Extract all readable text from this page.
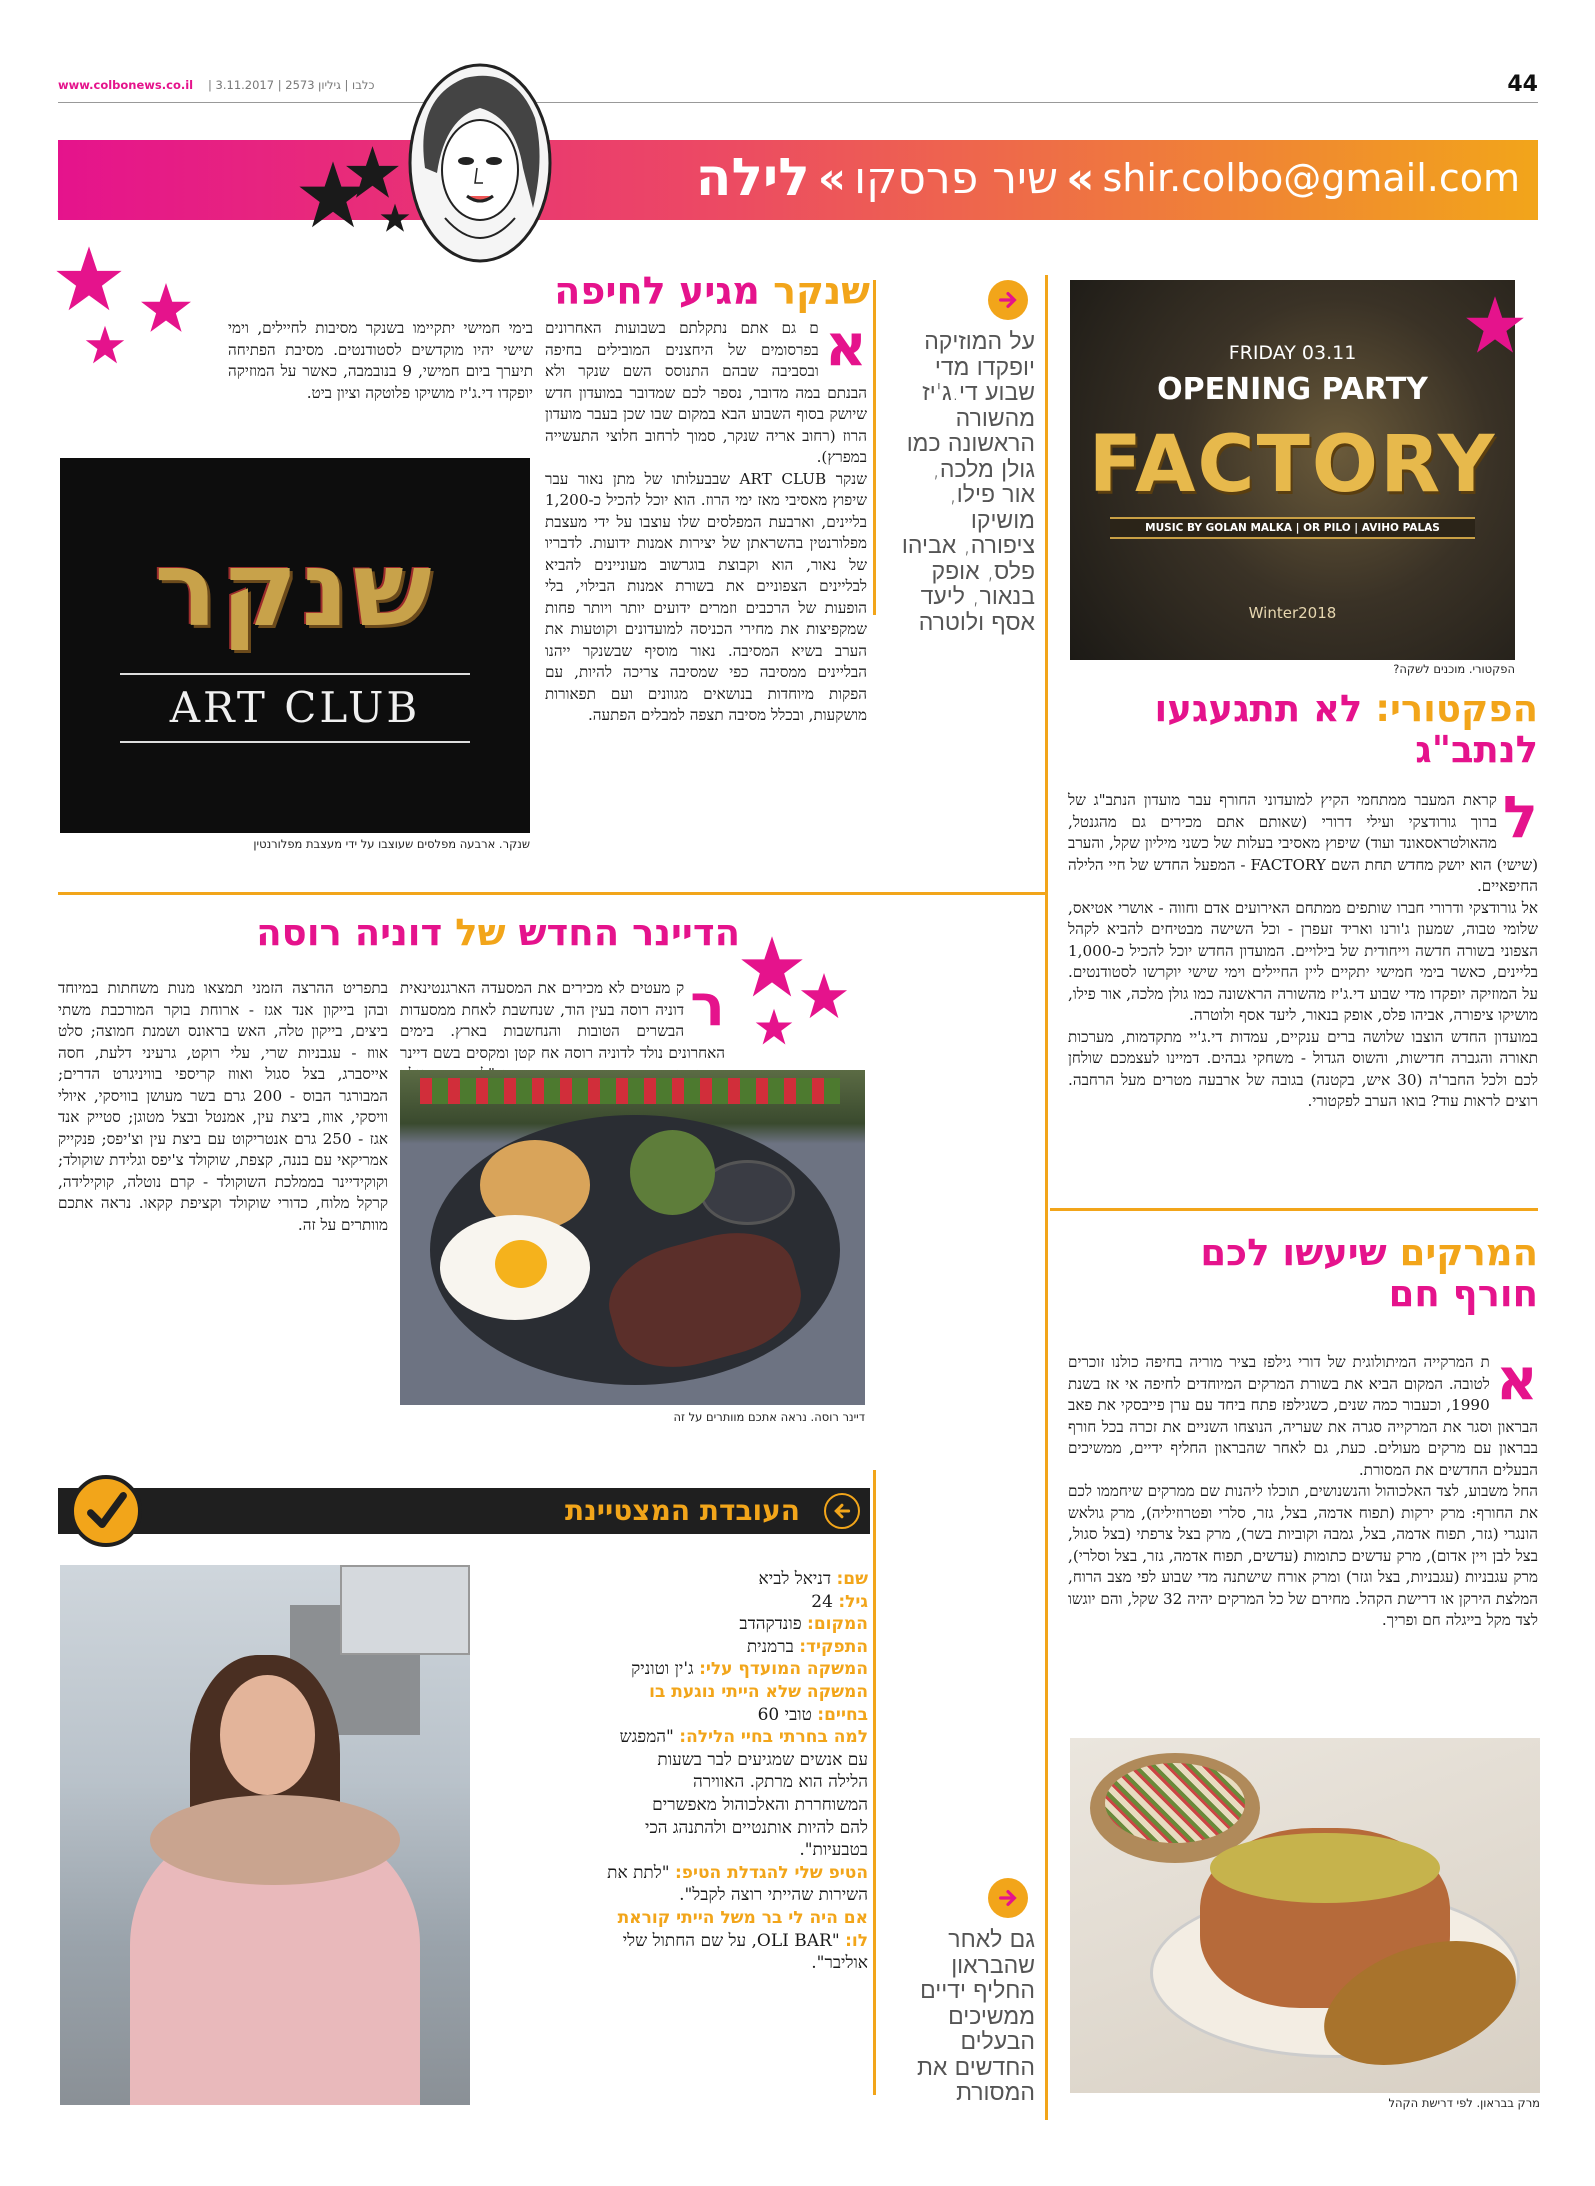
www.colbonews.co.il | כלבו | גיליון 2573 | 3.11.2017	44
לילה » שיר פרסקו » shir.colbo@gmail.com
FRIDAY 03.11
OPENING PARTY
FACTORY
MUSIC BY GOLAN MALKA | OR PILO | AVIHO PALAS
Winter2018
הפקטורי. מוכנים לשקה?
הפקטורי: לא תתגעגעו לנתב"ג
ל

קראת המעבר ממתחמי הקיץ למועדוני החורף עבר מועדון הנתב"ג של ברוך גורודצקי ועילי דרורי (שאותם אתם מכירים גם מהגנטל, מהאולטראסאונד ועוד) שיפוץ מאסיבי בעלות של כשני מיליון שקל, והערב (שישי) הוא יושק מחדש תחת השם FACTORY - המפעל החדש של חיי הלילה החיפאיים.

אל גורודצקי ודרורי חברו שותפים ממתחם האירועים אדם וחווה - אושרי אטיאס, שלומי טבוה, שמעון ג'ורנו ואריד זעפרן - וכל השישה מבטיחים להביא לקהל הצפוני בשורה חדשה וייחודית של בילויים. המועדון החדש יוכל להכיל כ-1,000 בליינים, כאשר בימי חמישי יתקיים ליין החיילים וימי שישי יוקרשו לסטודנטים. על המוזיקה יופקדו מדי שבוע די.ג'יז מהשורה הראשונה כמו גולן מלכה, אור פילו, מושיקו ציפורה, אביהו פלס, אופק בנאור, ליעד אסף ולוטרה.

במועדון החדש הוצבו שלושה ברים ענקיים, עמדות די.ג'יי מתקדמות, מערכות תאורה והגברה חדישות, והשוס הגדול - משחקי גבהים. דמיינו לעצמכם שולחן לכם ולכל החבר'ה (30 איש, בקטנה) בגובה של ארבעה מטרים מעל הרחבה. רוצים לראות עוד? בואו הערב לפקטורי.

על המוזיקה יופקדו מדי שבוע די.ג'יז מהשורה הראשונה כמו גולן מלכה, אור פילו, מושיקו ציפורה, אביהו פלס, אופק בנאור, ליעד אסף ולוטרה
שנקר מגיע לחיפה
א

ם גם אתם נתקלתם בשבועות האחרונים בפרסומים של היחצנים המובילים בחיפה ובסביבה שבהם התנוסס השם שנקר ולא הבנתם במה מדובר, נספר לכם שמדובר במועדון חדש שיושק בסוף השבוע הבא במקום שבו שכן בעבר מועדון הרוז (רחוב אריה שנקר, סמוך לרחוב חלוצי התעשייה במפרץ).

שנקר ART CLUB שבבעלותו של מתן נאור עבר שיפוץ מאסיבי מאז ימי הרוז. הוא יוכל להכיל כ-1,200 בליינים, וארבעת המפלסים שלו עוצבו על ידי מעצבת מפלורנטין בהשראתן של יצירות אמנות ידועות. לדבריו של נאור, הוא וקבוצת בוגרשוב מעוניינים להביא לבליינים הצפוניים את בשורת אמנות הבילוי, בלי הופעות של הרכבים וזמרים ידועים יותר ויותר פחות שמקפיצות את מחירי הכניסה למועדונים וקוטעות את הערב בשיא המסיבה. נאור מוסיף שבשנקר ייהנו הבליינים ממסיבה כפי שמסיבה צריכה להיות, עם הפקות מיוחדות בנושאים מגוונים ועם תפאורות מושקעות, ובכלל מסיבה תצפה למבלים הפתעה.

בימי חמישי יתקיימו בשנקר מסיבות לחיילים, וימי שישי יהיו מוקדשים לסטודנטים. מסיבת הפתיחה תיערך ביום חמישי, 9 בנובמבה, כאשר על המוזיקה יופקדו די.ג'יז מושיקו פלוטקה וציון ביט.

שנקר
ART CLUB
שנקר. ארבעה מפלסים שעוצבו על ידי מעצבת מפלורנטין
הדיינר החדש של דוניה רוסה
ר

ק מעטים לא מכירים את המסעדה הארגנטינאית דוניה רוסה בעין הוד, שנחשבת לאחת ממסעדות הבשרים הטובות והנחשבות בארץ. בימים האחרונים נולד לדוניה רוסה אח קטן ומקסים בשם דיינר

דיינר רוסה. נראה אתכם מוותרים על זה

בתפריט ההרצה הזמני תמצאו מנות משחתות במיוחד ובהן בייקון אנד אגז - ארוחת בוקר המורכבת משתי ביצים, בייקון טלה, האש בראונס ושמנת חמוצה; סלט אווז - עגבניות שרי, עלי רוקט, גרעיני דלעת, חסה אייסברג, בצל סגול ואווז קריספי בוויניגרט הדרים; המבורגר הבוס - 200 גרם בשר מעושן בוויסקי, איולי וויסקי, אווז, ביצת עין, אמנטל ובצל מטוגן; סטייק אנד אגז - 250 גרם אנטריקוט עם ביצת עין וצ'יפס; פנקייק אמריקאי עם בננה, קצפת, שוקולד צ'יפס וגלידת שוקולד; וקוקידיינר בממלכת השוקולד - קרם נוטלה, קוקילידה, קרקל מלוח, כדורי שוקולד וקציפת קקאו. נראה אתכם מוותרים על זה.

העובדת המצטיינת
שם: דניאל לביא
גיל: 24
המקום: פונדקהדב
התפקיד: ברמנית
המשקה המועדף עלי: ג'ין וטוניק
המשקה שלא הייתי נוגעת בו
בחיים: טובי 60
למה בחרתי בחיי הלילה: "המפגש
עם אנשים שמגיעים לבר בשעות
הלילה הוא מרתק. האווירה
המשוחררת והאלכוהול מאפשרים
להם להיות אותנטיים ולהתנהג הכי
בטבעיות".
הטיפ שלי להגדלת הטיפ: "לתת את
השירות שהייתי רוצה לקבל".
אם היה לי בר משל הייתי קוראת
לו: "OLI BAR, על שם החתול שלי
אוליבר".
המרקים שיעשו לכם
חורף חם
א

ת המרקייה המיתולוגית של דורי גילפז בציר מוריה בחיפה כולנו זוכרים לטובה. המקום הביא את בשורת המרקים המיוחדים לחיפה אי אז בשנת 1990, וכעבור כמה שנים, כשגילפז פתח ביחד עם ערן פייבסקי את פאב הבראון וסגר את המרקייה סגרה את שעריה, הנוצחו השניים את זכרה בכל חורף בבראון עם מרקים מעולים. כעת, גם לאחר שהבראון החליף ידיים, ממשיכים הבעלים החדשים את המסורת.

החל משבוע, לצד האלכוהול והנשנושים, תוכלו ליהנות שם ממרקים שיחממו לכם את החורף: מרק ירקות (תפוח אדמה, בצל, גזר, סלרי ופטרוזיליה), מרק גולאש הונגרי (גזר, תפוח אדמה, בצל, גמבה וקוביות בשר), מרק בצל צרפתי (בצל סגול, בצל לבן ויין אדום), מרק עדשים כתומות (עדשים, תפוח אדמה, גזר, בצל וסלרי), מרק עגבניות (עגבניות, בצל וגזר) ומרק אורח שישתנה מדי שבוע לפי מצב הרוח, המלצת הירקן או דרישת הקהל. מחירם של כל המרקים יהיה 32 שקל, והם יוגשו לצד מקל בייגלה חם ופריך.

מרק בבראון. לפי דרישת הקהל
גם לאחר שהבראון החליף ידיים ממשיכים הבעלים החדשים את המסורת
